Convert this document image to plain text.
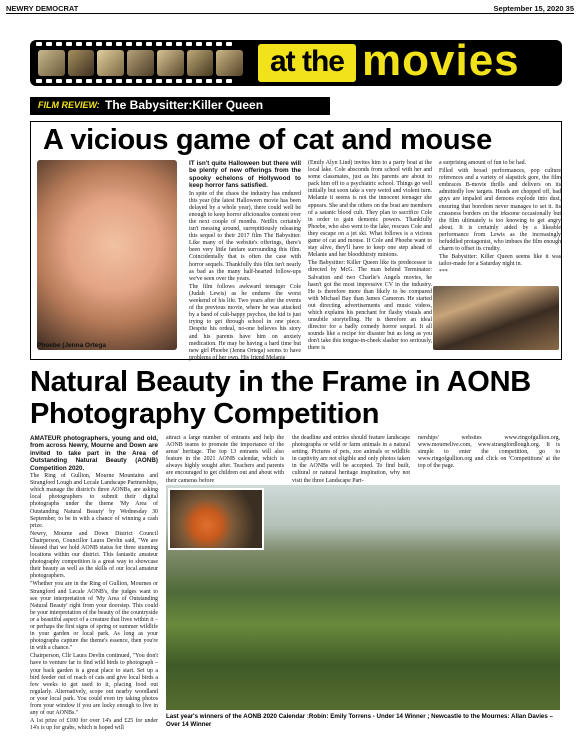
NEWRY DEMOCRAT	September 15, 2020 35
at the movies
FILM REVIEW: The Babysitter:Killer Queen
A vicious game of cat and mouse
Phoebe (Jenna Ortega

IT isn't quite Halloween but there will be plenty of new offerings from the spooky echelons of Hollywood to keep horror fans satisfied.

In spite of the chaos the industry has endured this year (the latest Halloween movie has been delayed by a whole year), there could well be enough to keep horror aficionados content over the next couple of months. Netflix certainly isn't messing around, surreptitiously releasing this sequel to their 2017 film The Babysitter. Like many of the website's offerings, there's been very little fanfare surrounding this film. Coincidentally that is often the case with horror sequels. Thankfully this film isn't nearly as bad as the many half-hearted follow-ups we've seen over the years.

The film follows awkward teenager Cole (Judah Lewis) as he endures the worst weekend of his life. Two years after the events of the previous movie, where he was attacked by a band of cult-happy psychos, the kid is just trying to get through school in one piece. Despite his ordeal, no-one believes his story and his parents have him on anxiety medication. He may be having a hard time but new girl Phoebe (Jenna Ortega) seems to have problems of her own. His friend Melanie

(Emily Alyn Lind) invites him to a party boat at the local lake. Cole absconds from school with her and some classmates, just as his parents are about to pack him off to a psychiatric school. Things go well initially but soon take a very weird and violent turn. Melanie it seems is not the innocent teenager she appears. She and the others on the boat are members of a satanic blood cult. They plan to sacrifice Cole in order to gain demonic powers. Thankfully Phoebe, who also went to the lake, rescues Cole and they escape on a jet ski. What follows is a vicious game of cat and mouse. If Cole and Phoebe want to stay alive, they'll have to keep one step ahead of Melanie and her bloodthirsty minions.

The Babysitter: Killer Queen like its predecessor is directed by McG. The man behind Terminator: Salvation and two Charlie's Angels movies, he hasn't got the most impressive CV in the industry. He is therefore more than likely to be compared with Michael Bay than James Cameron. He started out directing advertisements and music videos, which explains his penchant for flashy visuals and unsubtle storytelling. He is therefore an ideal director for a badly comedy horror sequel. It all sounds like a recipe for disaster but as long as you don't take this tongue-in-cheek slasher too seriously, there is

a surprising amount of fun to be had.

Filled with broad performances, pop culture references and a variety of slapstick gore, the film embraces B-movie thrills and delivers on its admittedly low targets. Heads are chopped off, bad guys are impaled and demons explode into dust, ensuring that boredom never manages to set it. Its crassness borders on the irksome occasionally but the film ultimately is too knowing to get angry about. It is certainly aided by a likeable performance from Lewis as the increasingly befuddled protagonist, who imbues the film enough charm to offset its crudity.

The Babysitter: Killer Queen seems like it was tailor-made for a Saturday night in.

***

Natural Beauty in the Frame in AONB Photography Competition

AMATEUR photographers, young and old, from across Newry, Mourne and Down are invited to take part in the Area of Outstanding Natural Beauty (AONB) Competition 2020.

The Ring of Gullion, Mourne Mountains and Strangford Lough and Lecale Landscape Partnerships, which manage the district's three AONBs, are asking local photographers to submit their digital photographs under the theme 'My Area of Outstanding Natural Beauty' by Wednesday 30 September, to be in with a chance of winning a cash prize.

Newry, Mourne and Down District Council Chairperson, Councillor Laura Devlin said, "We are blessed that we hold AONB status for three stunning locations within our district. This fantastic amateur photography competition is a great way to showcase their beauty as well as the skills of our local amateur photographers.

"Whether you are in the Ring of Gullion, Mournes or Strangford and Lecale AONB's, the judges want to see your interpretation of 'My Area of Outstanding Natural Beauty' right from your doorstep. This could be your interpretation of the beauty of the countryside or a beautiful aspect of a creature that lives within it – or perhaps the first signs of spring or summer wildlife in your garden or local park. As long as your photographs capture the theme's essence, then you're in with a chance."

Chairperson, Cllr Laura Devlin continued, "You don't have to venture far to find wild birds to photograph – your back garden is a great place to start. Set up a bird feeder out of reach of cats and give local birds a few weeks to get used to it, placing food out regularly. Alternatively, scope out nearby woodland or your local park. You could even try taking photos from your window if you are lucky enough to live in any of our AONBs."

A 1st prize of £100 for over 14's and £25 for under 14's is up for grabs, which is hoped will

attract a large number of entrants and help the AONB teams to promote the importance of the areas' heritage. The top 13 entrants will also feature in the 2021 AONB calendar, which is always highly sought after. Teachers and parents are encouraged to get children out and about with their cameras before

the deadline and entries should feature landscape photographs or wild or farm animals in a natural setting. Pictures of pets, zoo animals or wildlife in captivity are not eligible and only photos taken in the AONBs will be accepted. To find built, cultural or natural heritage inspiration, why not visit the three Landscape Part-

nerships' websites www.ringofgullion.org, www.mournelive.com, www.strangfordlough.org. It is simple to enter the competition, go to www.ringofgullion.org and click on 'Competitions' at the top of the page.

Last year's winners of the AONB 2020 Calendar :Robin: Emily Torrens - Under 14 Winner ; Newcastle to the Mournes: Allan Davies – Over 14 Winner
